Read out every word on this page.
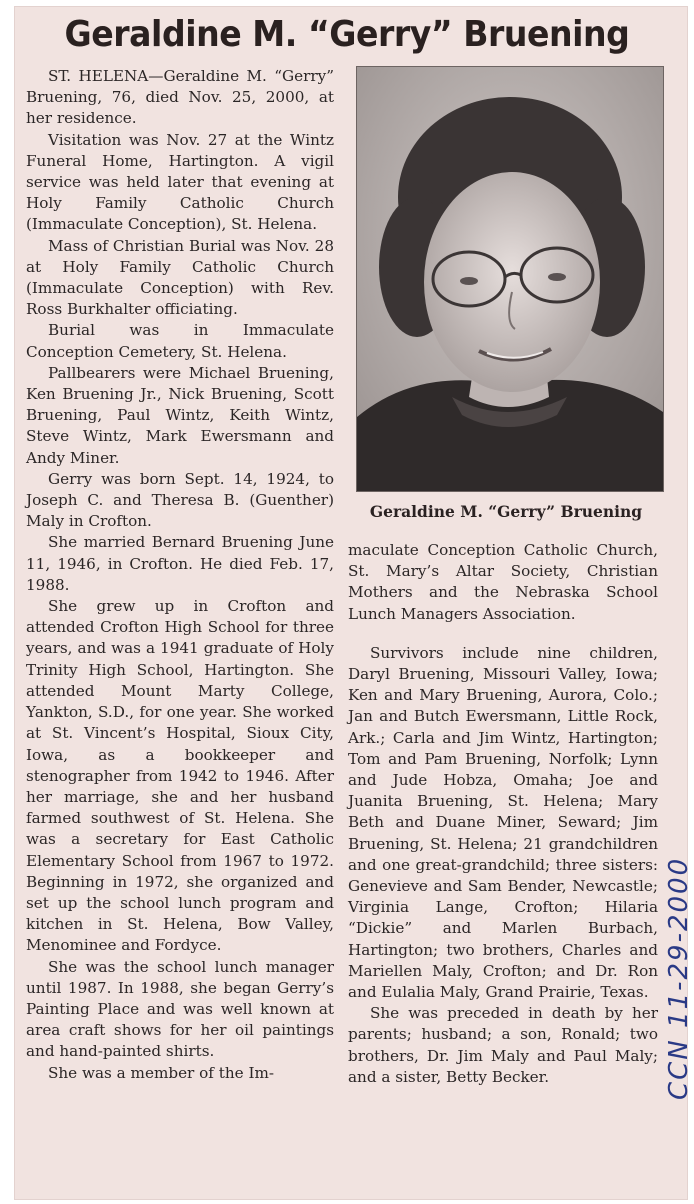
Geraldine M. “Gerry” Bruening

ST. HELENA—Geraldine M. “Gerry” Bruening, 76, died Nov. 25, 2000, at her residence.

Visitation was Nov. 27 at the Wintz Funeral Home, Hartington. A vigil service was held later that evening at Holy Family Catholic Church (Immaculate Conception), St. Helena.

Mass of Christian Burial was Nov. 28 at Holy Family Catholic Church (Immaculate Conception) with Rev. Ross Burkhalter officiating.

Burial was in Immaculate Conception Cemetery, St. Helena.

Pallbearers were Michael Bruening, Ken Bruening Jr., Nick Bruening, Scott Bruening, Paul Wintz, Keith Wintz, Steve Wintz, Mark Ewersmann and Andy Miner.

Gerry was born Sept. 14, 1924, to Joseph C. and Theresa B. (Guenther) Maly in Crofton.

She married Bernard Bruening June 11, 1946, in Crofton. He died Feb. 17, 1988.

She grew up in Crofton and attended Crofton High School for three years, and was a 1941 graduate of Holy Trinity High School, Hartington. She attended Mount Marty College, Yankton, S.D., for one year. She worked at St. Vincent’s Hospital, Sioux City, Iowa, as a bookkeeper and stenographer from 1942 to 1946. After her marriage, she and her husband farmed southwest of St. Helena. She was a secretary for East Catholic Elementary School from 1967 to 1972. Beginning in 1972, she organized and set up the school lunch program and kitchen in St. Helena, Bow Valley, Menominee and Fordyce.

She was the school lunch manager until 1987. In 1988, she began Gerry’s Painting Place and was well known at area craft shows for her oil paintings and hand-painted shirts.

She was a member of the Im-

Geraldine M. “Gerry” Bruening

maculate Conception Catholic Church, St. Mary’s Altar Society, Christian Mothers and the Nebraska School Lunch Managers Association.

Survivors include nine children, Daryl Bruening, Missouri Valley, Iowa; Ken and Mary Bruening, Aurora, Colo.; Jan and Butch Ewersmann, Little Rock, Ark.; Carla and Jim Wintz, Hartington; Tom and Pam Bruening, Norfolk; Lynn and Jude Hobza, Omaha; Joe and Juanita Bruening, St. Helena; Mary Beth and Duane Miner, Seward; Jim Bruening, St. Helena; 21 grandchildren and one great-grandchild; three sisters: Genevieve and Sam Bender, Newcastle; Virginia Lange, Crofton; Hilaria “Dickie” and Marlen Burbach, Hartington; two brothers, Charles and Mariellen Maly, Crofton; and Dr. Ron and Eulalia Maly, Grand Prairie, Texas.

She was preceded in death by her parents; husband; a son, Ronald; two brothers, Dr. Jim Maly and Paul Maly; and a sister, Betty Becker.	CCN 11-29-2000
